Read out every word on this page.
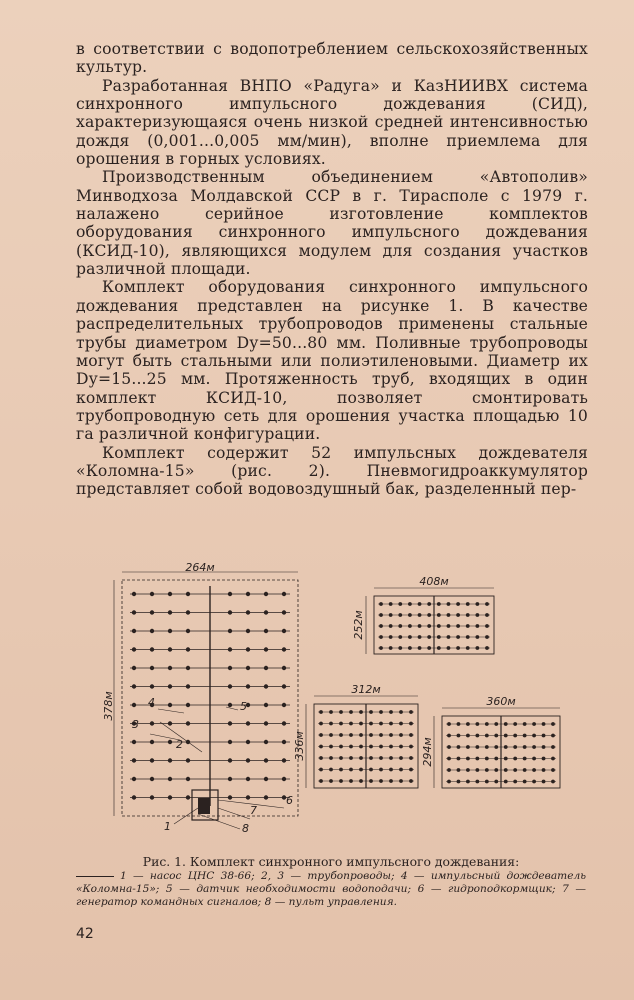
в соответствии с водопотреблением сельскохозяйственных культур.

Разработанная ВНПО «Радуга» и КазНИИВХ система синхронного импульсного дождевания (СИД), характеризующаяся очень низкой средней интенсивностью дождя (0,001...0,005 мм/мин), вполне приемлема для орошения в горных условиях.

Производственным объединением «Автополив» Минводхоза Молдавской ССР в г. Тирасполе с 1979 г. налажено серийное изготовление комплектов оборудования синхронного импульсного дождевания (КСИД-10), являющихся модулем для создания участков различной площади.

Комплект оборудования синхронного импульсного дождевания представлен на рисунке 1. В качестве распределительных трубопроводов применены стальные трубы диаметром Dу=50...80 мм. Поливные трубопроводы могут быть стальными или полиэтиленовыми. Диаметр их Dу=15...25 мм. Протяженность труб, входящих в один комплект КСИД-10, позволяет смонтировать трубопроводную сеть для орошения участка площадью 10 га различной конфигурации.

Комплект содержит 52 импульсных дождевателя «Коломна-15» (рис. 2). Пневмогидроаккумулятор представляет собой водовоздушный бак, разделенный пер-

264м
378м	4
3
2
5
6
7
8
1
408м
252м
312м
336м
360м
294м
Рис. 1. Комплект синхронного импульсного дождевания:
1 — насос ЦНС 38-66; 2, 3 — трубопроводы; 4 — импульсный дождеватель «Коломна-15»; 5 — датчик необходимости водоподачи; 6 — гидроподкормщик; 7 — генератор командных сигналов; 8 — пульт управления.
42
